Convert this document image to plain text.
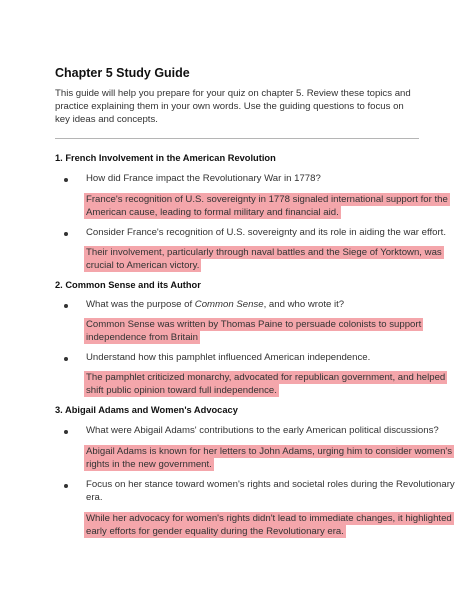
Chapter 5 Study Guide
This guide will help you prepare for your quiz on chapter 5. Review these topics and practice explaining them in your own words. Use the guiding questions to focus on key ideas and concepts.
1. French Involvement in the American Revolution
How did France impact the Revolutionary War in 1778?
France's recognition of U.S. sovereignty in 1778 signaled international support for the
American cause, leading to formal military and financial aid.
Consider France's recognition of U.S. sovereignty and its role in aiding the war effort.
Their involvement, particularly through naval battles and the Siege of Yorktown, was
crucial to American victory.
2. Common Sense and its Author
What was the purpose of Common Sense, and who wrote it?
Common Sense was written by Thomas Paine to persuade colonists to support
independence from Britain
Understand how this pamphlet influenced American independence.
The pamphlet criticized monarchy, advocated for republican government, and helped
shift public opinion toward full independence.
3. Abigail Adams and Women's Advocacy
What were Abigail Adams' contributions to the early American political discussions?
Abigail Adams is known for her letters to John Adams, urging him to consider women's
rights in the new government.
Focus on her stance toward women's rights and societal roles during the Revolutionary
era.
While her advocacy for women's rights didn't lead to immediate changes, it highlighted
early efforts for gender equality during the Revolutionary era.
